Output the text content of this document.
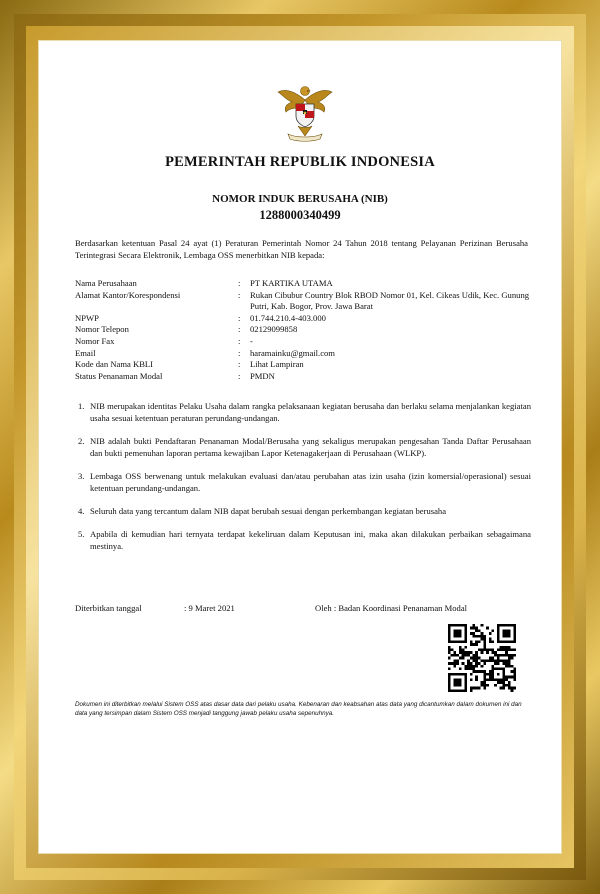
PEMERINTAH REPUBLIK INDONESIA
NOMOR INDUK BERUSAHA (NIB)
1288000340499
Berdasarkan ketentuan Pasal 24 ayat (1) Peraturan Pemerintah Nomor 24 Tahun 2018 tentang Pelayanan Perizinan Berusaha Terintegrasi Secara Elektronik, Lembaga OSS menerbitkan NIB kepada:
Nama Perusahaan	:	PT KARTIKA UTAMA
Alamat Kantor/Korespondensi	:	Rukan Cibubur Country Blok RBOD Nomor 01, Kel. Cikeas Udik, Kec. Gunung Putri, Kab. Bogor, Prov. Jawa Barat
NPWP	:	01.744.210.4-403.000
Nomor Telepon	:	02129099858
Nomor Fax	:	-
Email	:	haramainku@gmail.com
Kode dan Nama KBLI	:	Lihat Lampiran
Status Penanaman Modal	:	PMDN
1. NIB merupakan identitas Pelaku Usaha dalam rangka pelaksanaan kegiatan berusaha dan berlaku selama menjalankan kegiatan usaha sesuai ketentuan peraturan perundang-undangan.
2. NIB adalah bukti Pendaftaran Penanaman Modal/Berusaha yang sekaligus merupakan pengesahan Tanda Daftar Perusahaan dan bukti pemenuhan laporan pertama kewajiban Lapor Ketenagakerjaan di Perusahaan (WLKP).
3. Lembaga OSS berwenang untuk melakukan evaluasi dan/atau perubahan atas izin usaha (izin komersial/operasional) sesuai ketentuan perundang-undangan.
4. Seluruh data yang tercantum dalam NIB dapat berubah sesuai dengan perkembangan kegiatan berusaha
5. Apabila di kemudian hari ternyata terdapat kekeliruan dalam Keputusan ini, maka akan dilakukan perbaikan sebagaimana mestinya.
Diterbitkan tanggal	: 9 Maret 2021	Oleh : Badan Koordinasi Penanaman Modal
Dokumen ini diterbitkan melalui Sistem OSS atas dasar data dari pelaku usaha. Kebenaran dan keabsahan atas data yang dicantumkan dalam dokumen ini dan data yang tersimpan dalam Sistem OSS menjadi tanggung jawab pelaku usaha sepenuhnya.
